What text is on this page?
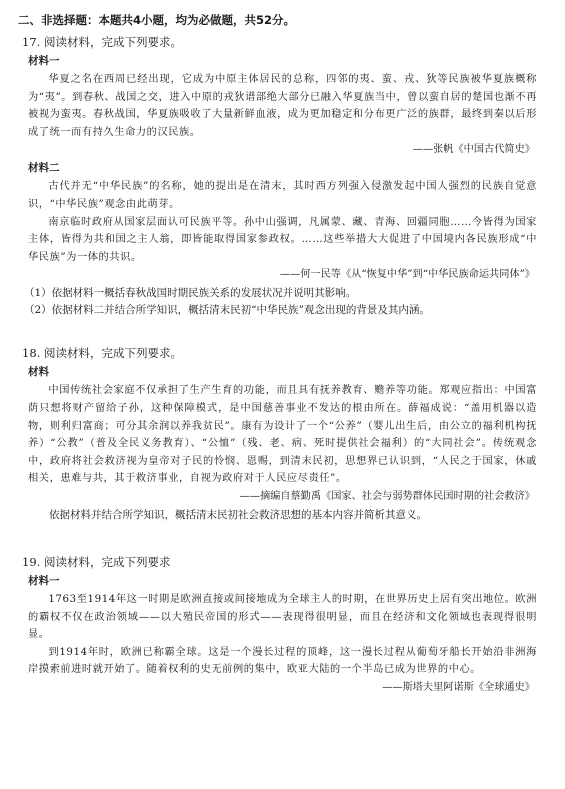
二、非选择题：本题共4小题，均为必做题，共52分。
17. 阅读材料，完成下列要求。
材料一

华夏之名在西周已经出现，它成为中原主体居民的总称，四邻的夷、蛮、戎、狄等民族被华夏族概称为“夷”。到春秋、战国之交，进入中原的戎狄谱部绝大部分已融入华夏族当中，曾以蛮自居的楚国也渐不再被视为蛮夷。春秋战国，华夏族吸收了大量新鲜血液，成为更加稳定和分布更广泛的族群，最终到秦以后形成了统一而有持久生命力的汉民族。

——张帆《中国古代简史》
材料二

古代并无“中华民族”的名称，她的提出是在清末，其时西方列强入侵激发起中国人强烈的民族自觉意识，“中华民族”观念由此萌芽。

南京临时政府从国家层面认可民族平等。孙中山强调，凡属蒙、藏、青海、回疆同胞……今皆得为国家主体，皆得为共和国之主人翁，即皆能取得国家参政权。……这些举措大大促进了中国境内各民族形成“中华民族”为一体的共识。

——何一民等《从“恢复中华”到“中华民族命运共同体”》
（1）依据材料一概括春秋战国时期民族关系的发展状况并说明其影响。
（2）依据材料二并结合所学知识，概括清末民初“中华民族”观念出现的背景及其内涵。
18. 阅读材料，完成下列要求。
材料

中国传统社会家庭不仅承担了生产生育的功能，而且具有抚养教育、赡养等功能。郑观应指出：中国富荫只想将财产留给子孙，这种保障模式，是中国慈善事业不发达的根由所在。薛福成说：“盖用机器以造物，则利归富商；可分其余润以养我贫民”。康有为设计了一个“公养”（婴儿出生后，由公立的福利机构抚养）“公教”（普及全民义务教育）、“公恤”（残、老、病、死时提供社会福利）的“大同社会”。传统观念中，政府将社会救济视为皇帝对子民的怜悯、恩赐，到清末民初，思想界已认识到，“人民之于国家，休戚相关，患难与共，其于救济事业，自视为政府对于人民应尽责任”。

——摘编自蔡勤禹《国家、社会与弱势群体民国时期的社会救济》
依据材料并结合所学知识，概括清末民初社会救济思想的基本内容并简析其意义。
19. 阅读材料，完成下列要求
材料一

1763至1914年这一时期是欧洲直接或间接地成为全球主人的时期，在世界历史上居有突出地位。欧洲的霸权不仅在政治领域——以大殖民帝国的形式——表现得很明显，而且在经济和文化领域也表现得很明显。

到1914年时，欧洲已称霸全球。这是一个漫长过程的顶峰，这一漫长过程从葡萄牙船长开始沿非洲海岸摸索前进时就开始了。随着权利的史无前例的集中，欧亚大陆的一个半岛已成为世界的中心。

——斯塔夫里阿诺斯《全球通史》
